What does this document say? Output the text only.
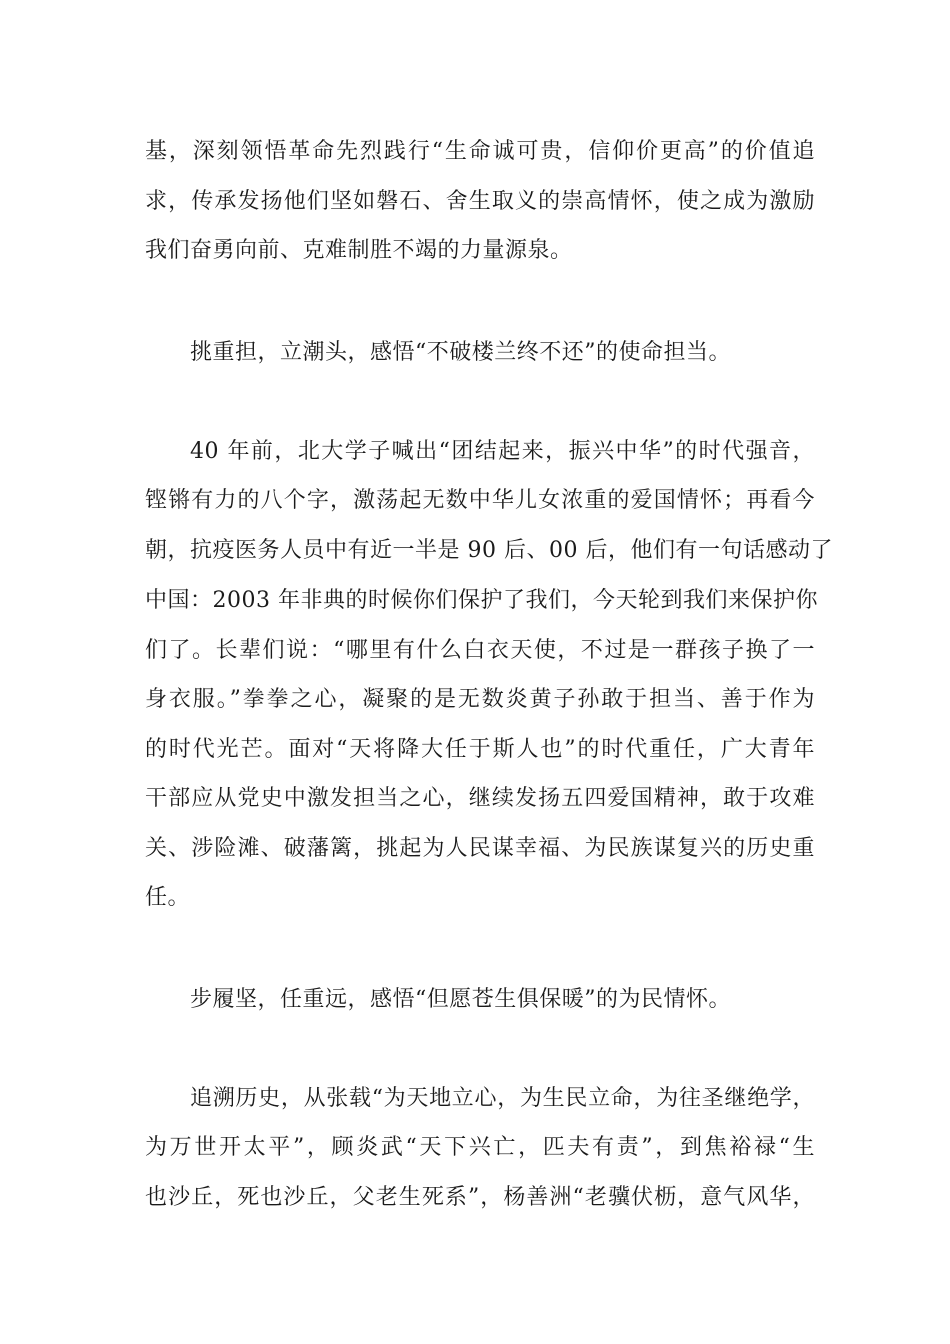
基，深刻领悟革命先烈践行“生命诚可贵，信仰价更高”的价值追
求，传承发扬他们坚如磐石、舍生取义的崇高情怀，使之成为激励
我们奋勇向前、克难制胜不竭的力量源泉。
挑重担，立潮头，感悟“不破楼兰终不还”的使命担当。
40 年前，北大学子喊出“团结起来，振兴中华”的时代强音，
铿锵有力的八个字，激荡起无数中华儿女浓重的爱国情怀；再看今
朝，抗疫医务人员中有近一半是 90 后、00 后，他们有一句话感动了
中国：2003 年非典的时候你们保护了我们，今天轮到我们来保护你
们了。长辈们说：“哪里有什么白衣天使，不过是一群孩子换了一
身衣服。”拳拳之心，凝聚的是无数炎黄子孙敢于担当、善于作为
的时代光芒。面对“天将降大任于斯人也”的时代重任，广大青年
干部应从党史中激发担当之心，继续发扬五四爱国精神，敢于攻难
关、涉险滩、破藩篱，挑起为人民谋幸福、为民族谋复兴的历史重
任。
步履坚，任重远，感悟“但愿苍生俱保暖”的为民情怀。
追溯历史，从张载“为天地立心，为生民立命，为往圣继绝学，
为万世开太平”，顾炎武“天下兴亡，匹夫有责”，到焦裕禄“生
也沙丘，死也沙丘，父老生死系”，杨善洲“老骥伏枥，意气风华，
